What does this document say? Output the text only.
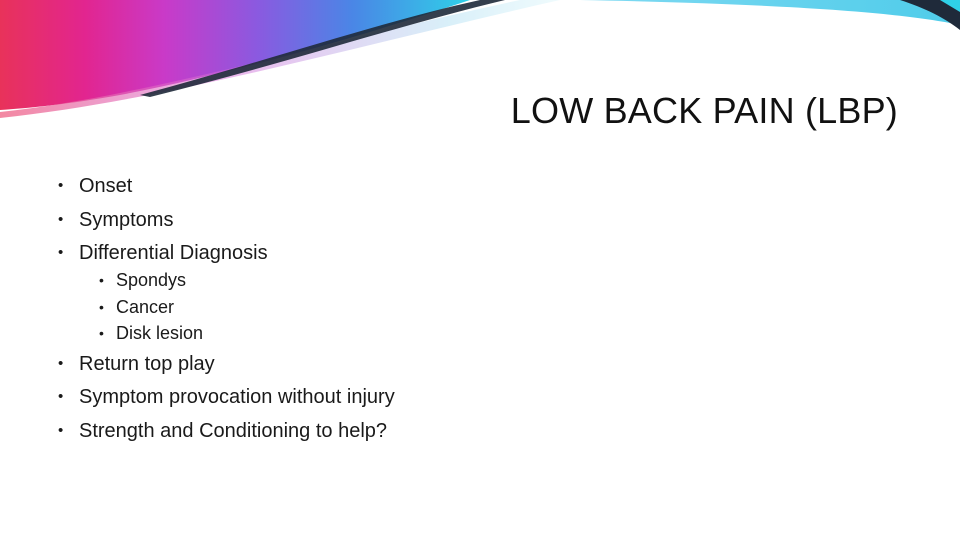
LOW BACK PAIN (LBP)
• Onset
• Symptoms
• Differential Diagnosis
• Spondys
• Cancer
• Disk lesion
• Return top play
• Symptom provocation without injury
• Strength and Conditioning to help?
